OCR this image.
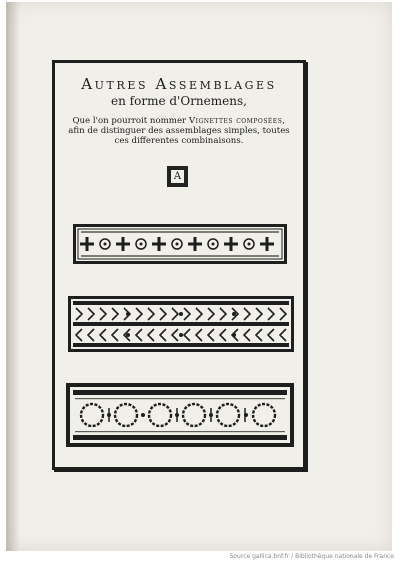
Autres Assemblages
en forme d'Ornemens,
Que l'on pourroit nommer Vignettes composées, afin de distinguer des assemblages simples, toutes ces differentes combinaisons.
A
Source gallica.bnf.fr / Bibliothèque nationale de France
